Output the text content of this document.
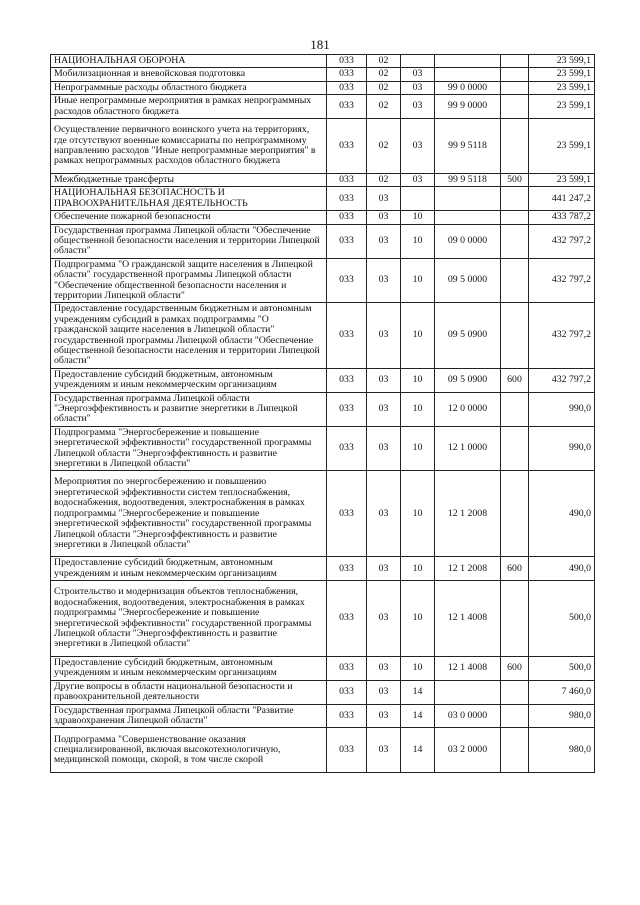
181
НАЦИОНАЛЬНАЯ ОБОРОНА	033	02				23 599,1
Мобилизационная и вневойсковая подготовка	033	02	03			23 599,1
Непрограммные расходы областного бюджета	033	02	03	99 0 0000		23 599,1
Иные непрограммные мероприятия в рамках непрограммных расходов областного бюджета	033	02	03	99 9 0000		23 599,1
Осуществление первичного воинского учета на территориях, где отсутствуют военные комиссариаты по непрограммному направлению расходов "Иные непрограммные мероприятия" в рамках непрограммных расходов областного бюджета	033	02	03	99 9 5118		23 599,1
Межбюджетные трансферты	033	02	03	99 9 5118	500	23 599,1
НАЦИОНАЛЬНАЯ БЕЗОПАСНОСТЬ И ПРАВООХРАНИТЕЛЬНАЯ ДЕЯТЕЛЬНОСТЬ	033	03				441 247,2
Обеспечение пожарной безопасности	033	03	10			433 787,2
Государственная программа Липецкой области "Обеспечение общественной безопасности населения и территории Липецкой области"	033	03	10	09 0 0000		432 797,2
Подпрограмма "О гражданской защите населения в Липецкой области" государственной программы Липецкой области "Обеспечение общественной безопасности населения и территории Липецкой области"	033	03	10	09 5 0000		432 797,2
Предоставление государственным бюджетным и автономным учреждениям субсидий в рамках подпрограммы "О гражданской защите населения в Липецкой области" государственной программы Липецкой области "Обеспечение общественной безопасности населения и территории Липецкой области"	033	03	10	09 5 0900		432 797,2
Предоставление субсидий бюджетным, автономным учреждениям и иным некоммерческим организациям	033	03	10	09 5 0900	600	432 797,2
Государственная программа Липецкой области "Энергоэффективность и развитие энергетики в Липецкой области"	033	03	10	12 0 0000		990,0
Подпрограмма "Энергосбережение и повышение энергетической эффективности" государственной программы Липецкой области "Энергоэффективность и развитие энергетики в Липецкой области"	033	03	10	12 1 0000		990,0
Мероприятия по энергосбережению и повышению энергетической эффективности систем теплоснабжения, водоснабжения, водоотведения, электроснабжения в рамках подпрограммы "Энергосбережение и повышение энергетической эффективности" государственной программы Липецкой области "Энергоэффективность и развитие энергетики в Липецкой области"	033	03	10	12 1 2008		490,0
Предоставление субсидий бюджетным, автономным учреждениям и иным некоммерческим организациям	033	03	10	12 1 2008	600	490,0
Строительство и модернизация объектов теплоснабжения, водоснабжения, водоотведения, электроснабжения в рамках подпрограммы "Энергосбережение и повышение энергетической эффективности" государственной программы Липецкой области "Энергоэффективность и развитие энергетики в Липецкой области"	033	03	10	12 1 4008		500,0
Предоставление субсидий бюджетным, автономным учреждениям и иным некоммерческим организациям	033	03	10	12 1 4008	600	500,0
Другие вопросы в области национальной безопасности и правоохранительной деятельности	033	03	14			7 460,0
Государственная программа Липецкой области "Развитие здравоохранения Липецкой области"	033	03	14	03 0 0000		980,0
Подпрограмма "Совершенствование оказания специализированной, включая высокотехнологичную, медицинской помощи, скорой, в том числе скорой	033	03	14	03 2 0000		980,0
